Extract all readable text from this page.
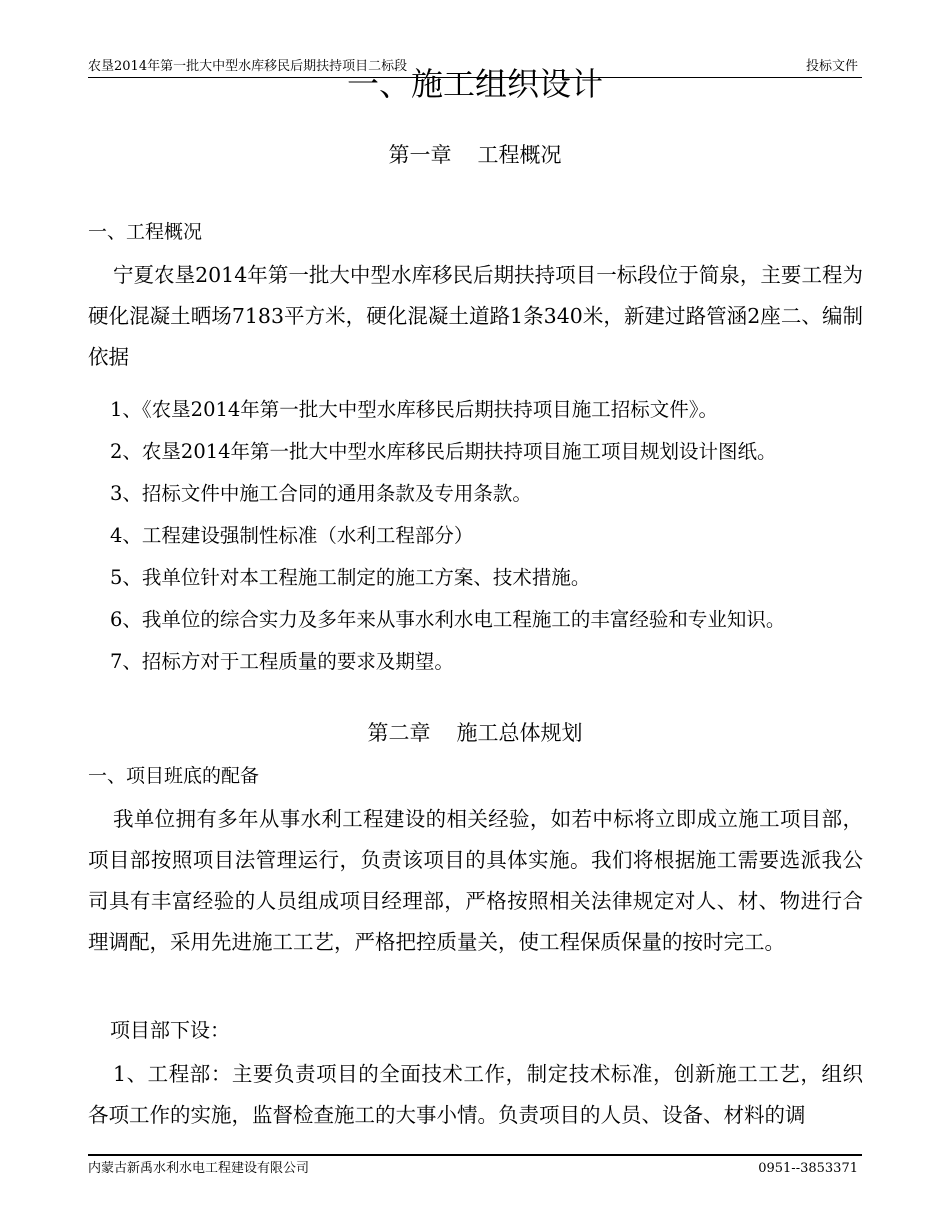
农垦2014年第一批大中型水库移民后期扶持项目二标段	投标文件
一、施工组织设计
第一章 工程概况
一、工程概况

宁夏农垦2014年第一批大中型水库移民后期扶持项目一标段位于简泉，主要工程为硬化混凝土晒场7183平方米，硬化混凝土道路1条340米，新建过路管涵2座二、编制依据

1、《农垦2014年第一批大中型水库移民后期扶持项目施工招标文件》。
2、农垦2014年第一批大中型水库移民后期扶持项目施工项目规划设计图纸。
3、招标文件中施工合同的通用条款及专用条款。
4、工程建设强制性标准（水利工程部分）
5、我单位针对本工程施工制定的施工方案、技术措施。
6、我单位的综合实力及多年来从事水利水电工程施工的丰富经验和专业知识。
7、招标方对于工程质量的要求及期望。
第二章 施工总体规划
一、项目班底的配备

我单位拥有多年从事水利工程建设的相关经验，如若中标将立即成立施工项目部，项目部按照项目法管理运行，负责该项目的具体实施。我们将根据施工需要选派我公司具有丰富经验的人员组成项目经理部，严格按照相关法律规定对人、材、物进行合理调配，采用先进施工工艺，严格把控质量关，使工程保质保量的按时完工。

项目部下设：

1、工程部：主要负责项目的全面技术工作，制定技术标准，创新施工工艺，组织各项工作的实施，监督检查施工的大事小情。负责项目的人员、设备、材料的调

内蒙古新禹水利水电工程建设有限公司	0951--3853371
